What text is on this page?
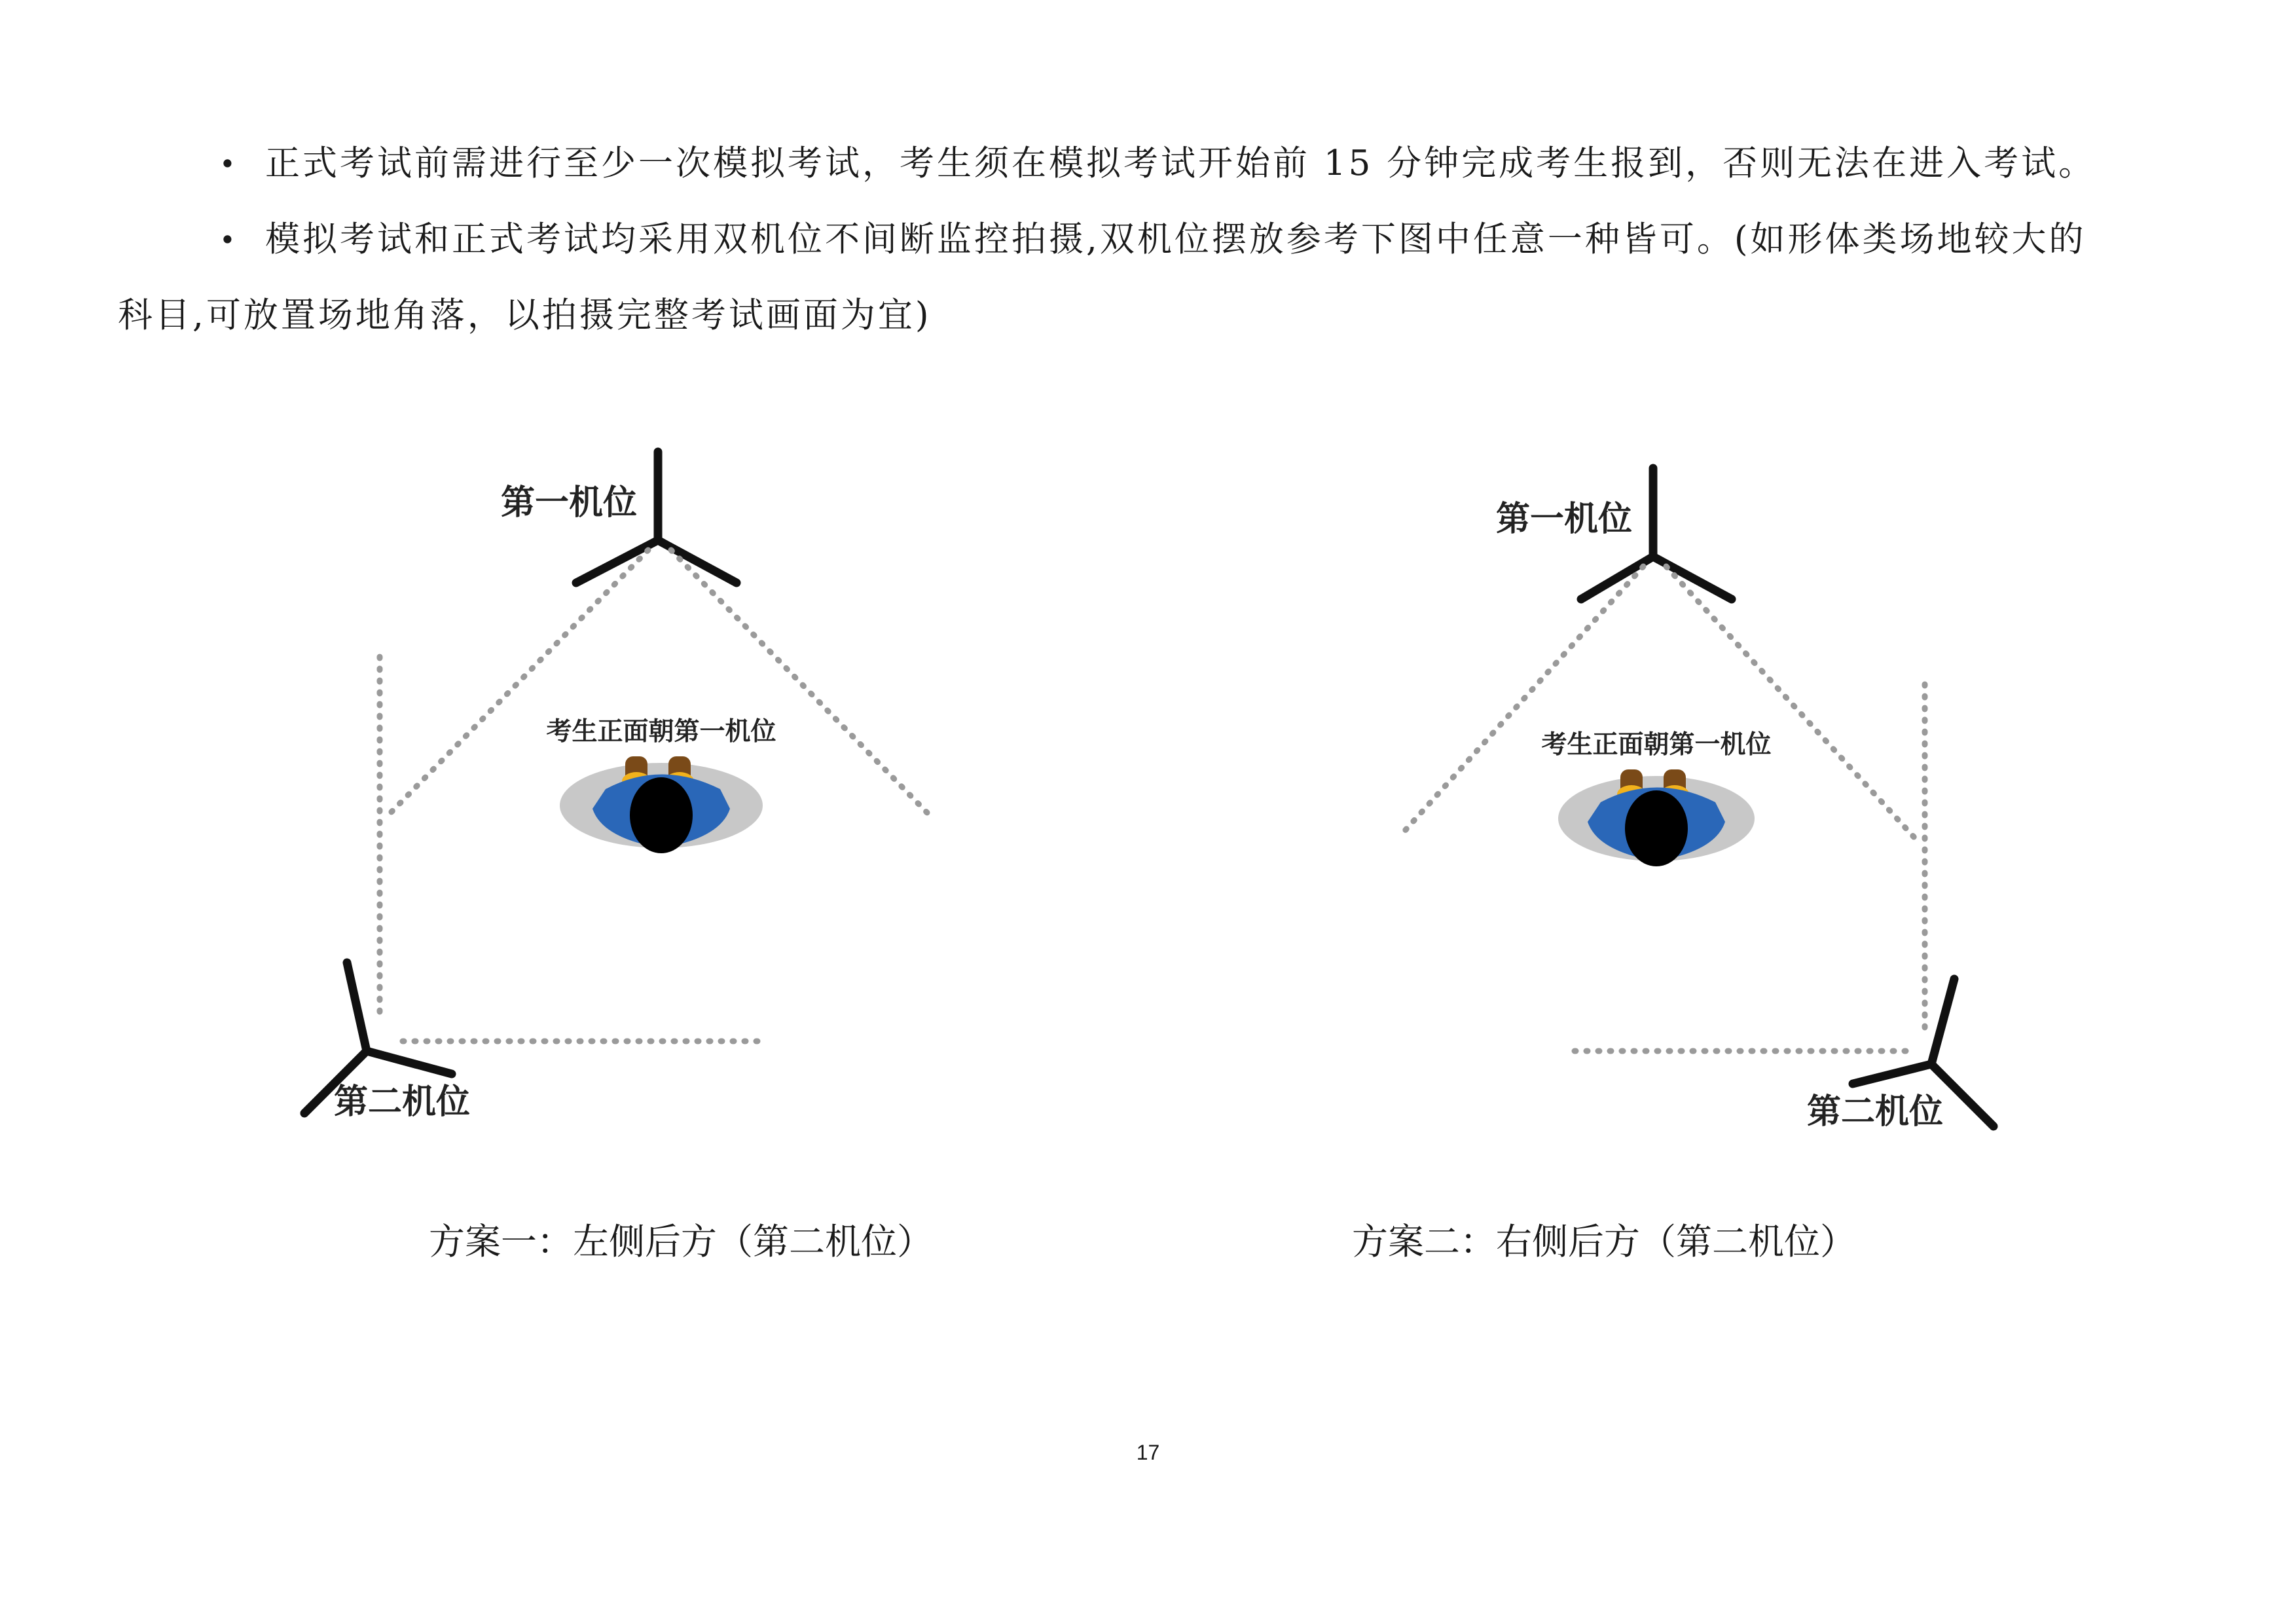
• 正式考试前需进行至少一次模拟考试，考生须在模拟考试开始前 15 分钟完成考生报到，否则无法在进入考试。
• 模拟考试和正式考试均采用双机位不间断监控拍摄,双机位摆放参考下图中任意一种皆可。(如形体类场地较大的
科目,可放置场地角落，以拍摄完整考试画面为宜)
第一机位
第二机位
考生正面朝第一机位
第一机位
第二机位
考生正面朝第一机位
方案一：左侧后方（第二机位）	方案二：右侧后方（第二机位）
17
